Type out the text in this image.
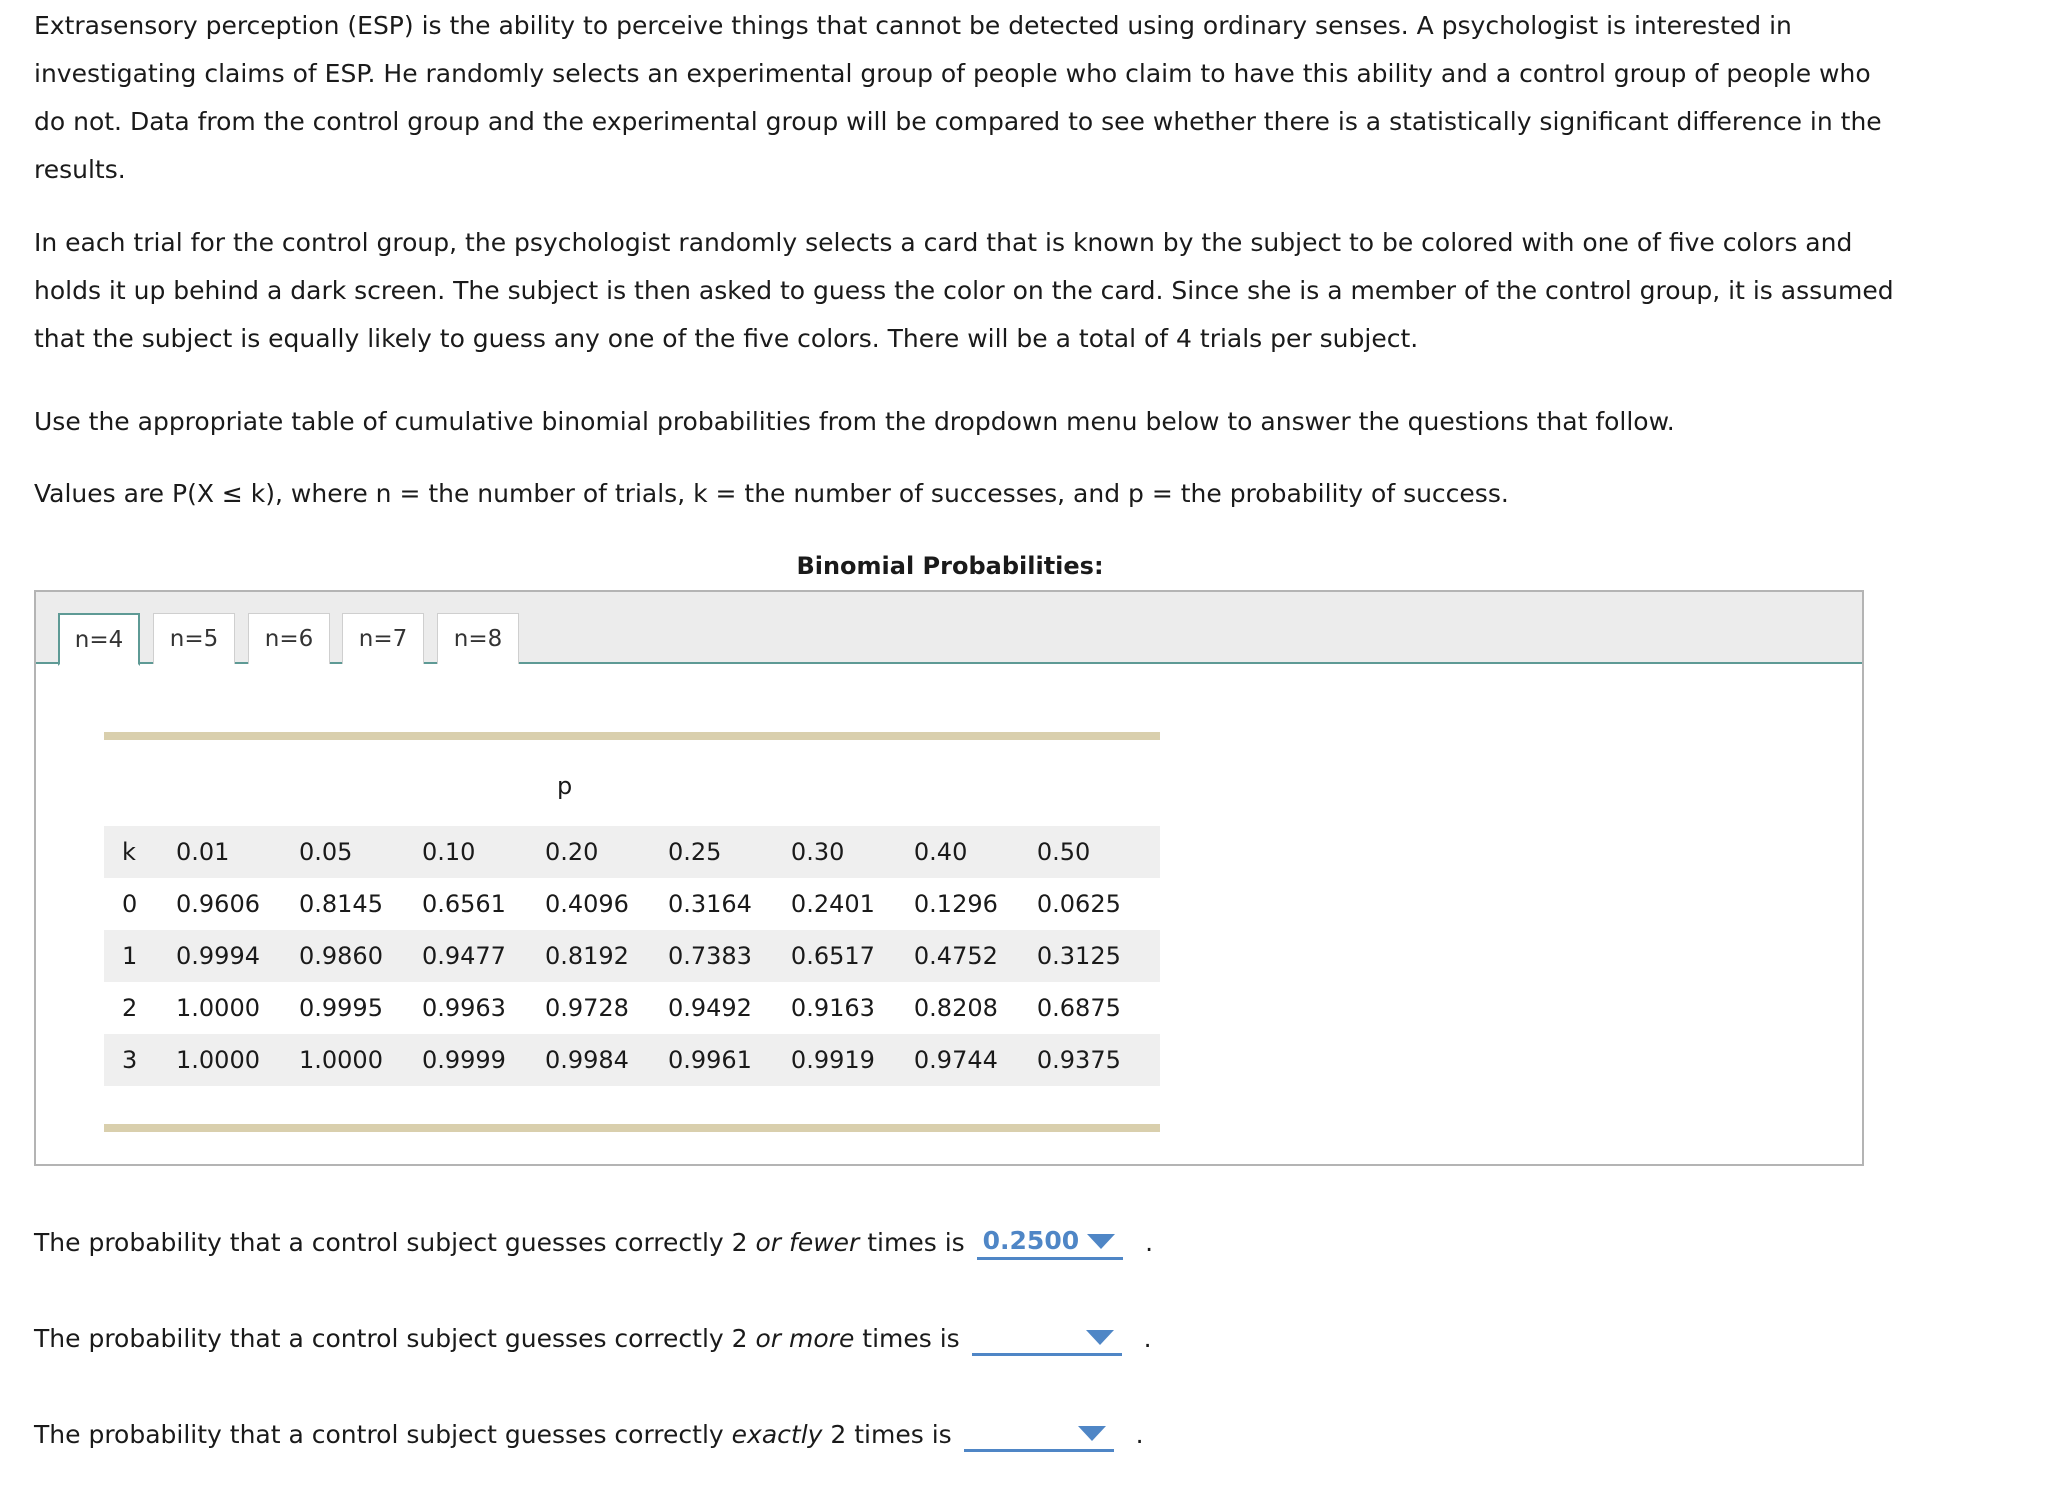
Extrasensory perception (ESP) is the ability to perceive things that cannot be detected using ordinary senses. A psychologist is interested in investigating claims of ESP. He randomly selects an experimental group of people who claim to have this ability and a control group of people who do not. Data from the control group and the experimental group will be compared to see whether there is a statistically significant difference in the results.

In each trial for the control group, the psychologist randomly selects a card that is known by the subject to be colored with one of five colors and holds it up behind a dark screen. The subject is then asked to guess the color on the card. Since she is a member of the control group, it is assumed that the subject is equally likely to guess any one of the five colors. There will be a total of 4 trials per subject.

Use the appropriate table of cumulative binomial probabilities from the dropdown menu below to answer the questions that follow.

Values are P(X ≤ k), where n = the number of trials, k = the number of successes, and p = the probability of success.

Binomial Probabilities:
n=4	n=5	n=6	n=7	n=8
p
k	0.01	0.05	0.10	0.20	0.25	0.30	0.40	0.50
0	0.9606	0.8145	0.6561	0.4096	0.3164	0.2401	0.1296	0.0625
1	0.9994	0.9860	0.9477	0.8192	0.7383	0.6517	0.4752	0.3125
2	1.0000	0.9995	0.9963	0.9728	0.9492	0.9163	0.8208	0.6875
3	1.0000	1.0000	0.9999	0.9984	0.9961	0.9919	0.9744	0.9375
The probability that a control subject guesses correctly 2 or fewer times is 0.2500	.
The probability that a control subject guesses correctly 2 or more times is	.
The probability that a control subject guesses correctly exactly 2 times is	.
